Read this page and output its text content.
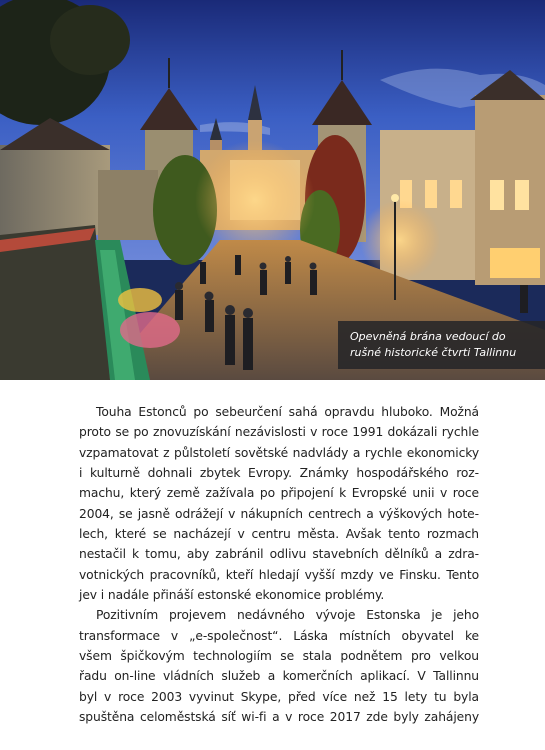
Opevněná brána vedoucí do
rušné historické čtvrti Tallinnu
Touha Estonců po sebeurčení sahá opravdu hluboko. Možná
proto se po znovuzískání nezávislosti v roce 1991 dokázali rychle
vzpamatovat z půlstoletí sovětské nadvlády a rychle ekonomicky
i kulturně dohnali zbytek Evropy. Známky hospodářského roz-
machu, který země zažívala po připojení k Evropské unii v roce
2004, se jasně odrážejí v nákupních centrech a výškových hote-
lech, které se nacházejí v centru města. Avšak tento rozmach
nestačil k tomu, aby zabránil odlivu stavebních dělníků a zdra-
votnických pracovníků, kteří hledají vyšší mzdy ve Finsku. Tento
jev i nadále přináší estonské ekonomice problémy.
Pozitivním projevem nedávného vývoje Estonska je jeho
transformace v „e-společnost“. Láska místních obyvatel ke
všem špičkovým technologiím se stala podnětem pro velkou
řadu on-line vládních služeb a komerčních aplikací. V Tallinnu
byl v roce 2003 vyvinut Skype, před více než 15 lety tu byla
spuštěna celoměstská síť wi-fi a v roce 2017 zde byly zahájeny
